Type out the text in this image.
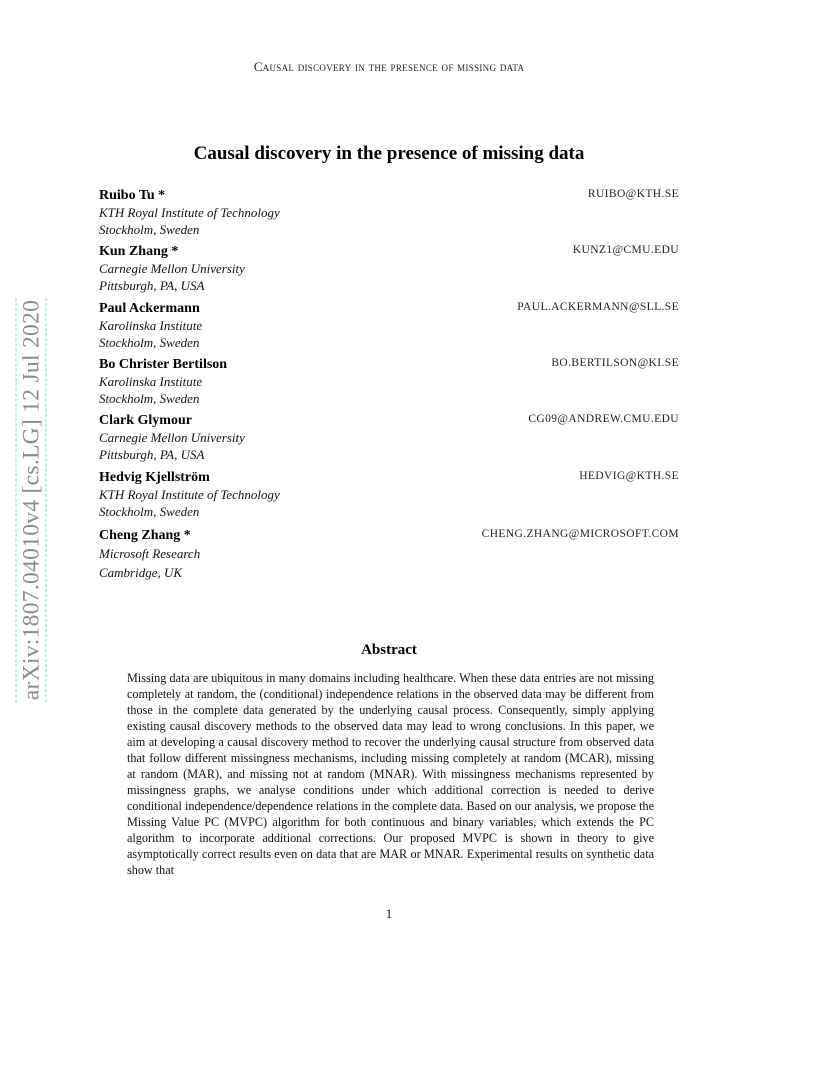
Causal discovery in the presence of missing data
Causal discovery in the presence of missing data
arXiv:1807.04010v4 [cs.LG] 12 Jul 2020
Ruibo Tu *	RUIBO@KTH.SE
KTH Royal Institute of Technology
Stockholm, Sweden
Kun Zhang *	KUNZ1@CMU.EDU
Carnegie Mellon University
Pittsburgh, PA, USA
Paul Ackermann	PAUL.ACKERMANN@SLL.SE
Karolinska Institute
Stockholm, Sweden
Bo Christer Bertilson	BO.BERTILSON@KI.SE
Karolinska Institute
Stockholm, Sweden
Clark Glymour	CG09@ANDREW.CMU.EDU
Carnegie Mellon University
Pittsburgh, PA, USA
Hedvig Kjellström	HEDVIG@KTH.SE
KTH Royal Institute of Technology
Stockholm, Sweden
Cheng Zhang *	CHENG.ZHANG@MICROSOFT.COM
Microsoft Research
Cambridge, UK
Abstract
Missing data are ubiquitous in many domains including healthcare. When these data entries are not missing completely at random, the (conditional) independence relations in the observed data may be different from those in the complete data generated by the underlying causal process. Consequently, simply applying existing causal discovery methods to the observed data may lead to wrong conclusions. In this paper, we aim at developing a causal discovery method to recover the underlying causal structure from observed data that follow different missingness mechanisms, including missing completely at random (MCAR), missing at random (MAR), and missing not at random (MNAR). With missingness mechanisms represented by missingness graphs, we analyse conditions under which additional correction is needed to derive conditional independence/dependence relations in the complete data. Based on our analysis, we propose the Missing Value PC (MVPC) algorithm for both continuous and binary variables, which extends the PC algorithm to incorporate additional corrections. Our proposed MVPC is shown in theory to give asymptotically correct results even on data that are MAR or MNAR. Experimental results on synthetic data show that
1
